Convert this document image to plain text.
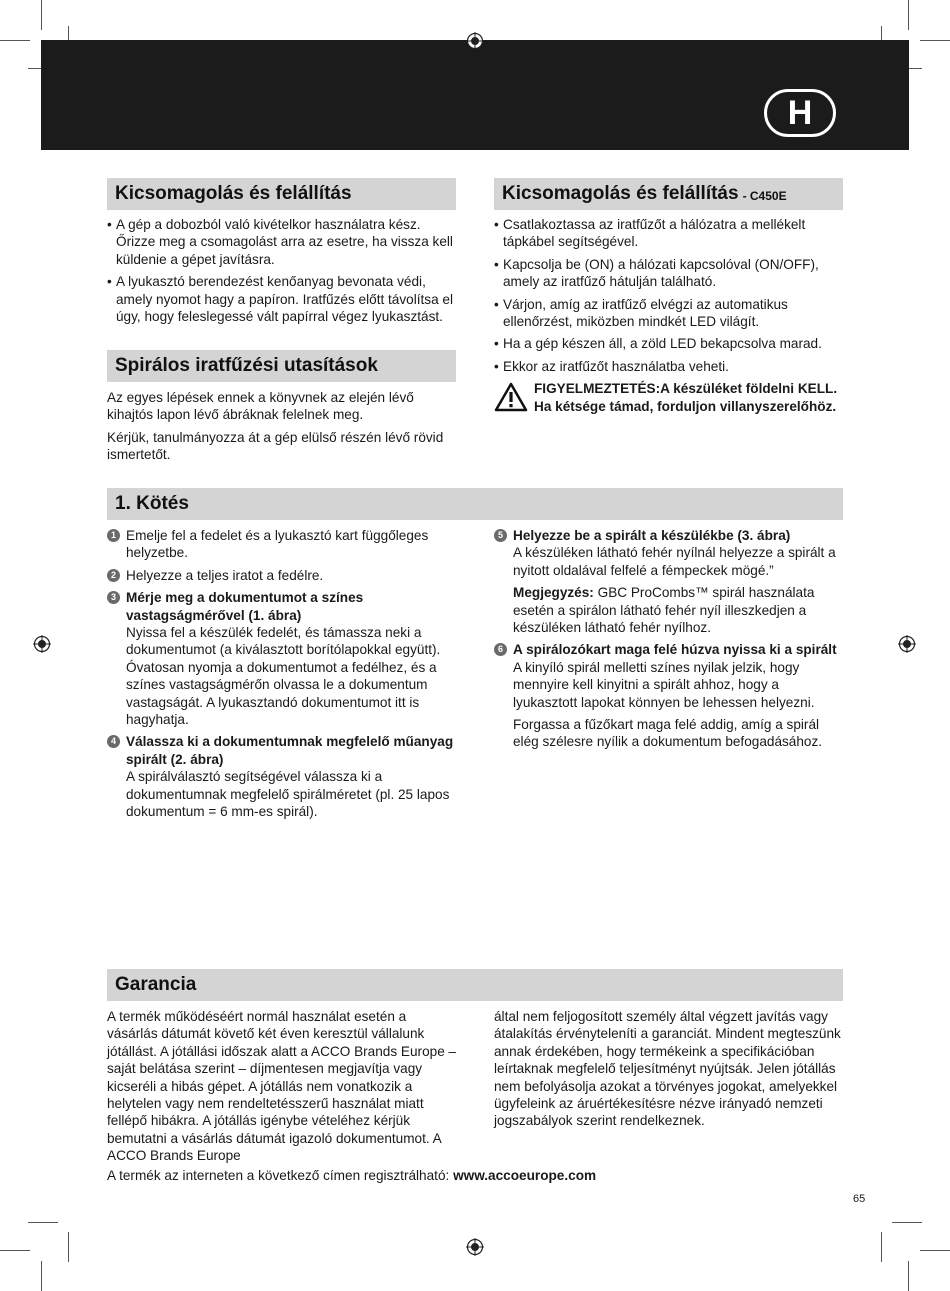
H
Kicsomagolás és felállítás

• A gép a dobozból való kivételkor használatra kész. Őrizze meg a csomagolást arra az esetre, ha vissza kell küldenie a gépet javításra.

• A lyukasztó berendezést kenőanyag bevonata védi, amely nyomot hagy a papíron. Iratfűzés előtt távolítsa el úgy, hogy feleslegessé vált papírral végez lyukasztást.

Spirálos iratfűzési utasítások

Az egyes lépések ennek a könyvnek az elején lévő kihajtós lapon lévő ábráknak felelnek meg.

Kérjük, tanulmányozza át a gép elülső részén lévő rövid ismertetőt.

Kicsomagolás és felállítás - C450E

• Csatlakoztassa az iratfűzőt a hálózatra a mellékelt tápkábel segítségével.

• Kapcsolja be (ON) a hálózati kapcsolóval (ON/OFF), amely az iratfűző hátulján található.

• Várjon, amíg az iratfűző elvégzi az automatikus ellenőrzést, miközben mindkét LED világít.

• Ha a gép készen áll, a zöld LED bekapcsolva marad.

• Ekkor az iratfűzőt használatba veheti.

FIGYELMEZTETÉS:A készüléket földelni KELL.
Ha kétsége támad, forduljon villanyszerelőhöz.
1. Kötés
1 Emelje fel a fedelet és a lyukasztó kart függőleges helyzetbe.
2 Helyezze a teljes iratot a fedélre.
3 Mérje meg a dokumentumot a színes vastagságmérővel (1. ábra)
Nyissa fel a készülék fedelét, és támassza neki a dokumentumot (a kiválasztott borítólapokkal együtt). Óvatosan nyomja a dokumentumot a fedélhez, és a színes vastagságmérőn olvassa le a dokumentum vastagságát. A lyukasztandó dokumentumot itt is hagyhatja.
4 Válassza ki a dokumentumnak megfelelő műanyag spirált (2. ábra)
A spirálválasztó segítségével válassza ki a dokumentumnak megfelelő spirálméretet (pl. 25 lapos dokumentum = 6 mm-es spirál).
5 Helyezze be a spirált a készülékbe (3. ábra)
A készüléken látható fehér nyílnál helyezze a spirált a nyitott oldalával felfelé a fémpeckek mögé.”
Megjegyzés: GBC ProCombs™ spirál használata esetén a spirálon látható fehér nyíl illeszkedjen a készüléken látható fehér nyílhoz.
6 A spirálozókart maga felé húzva nyissa ki a spirált
A kinyíló spirál melletti színes nyilak jelzik, hogy mennyire kell kinyitni a spirált ahhoz, hogy a lyukasztott lapokat könnyen be lehessen helyezni.
Forgassa a fűzőkart maga felé addig, amíg a spirál elég szélesre nyílik a dokumentum befogadásához.
Garancia
A termék működéséért normál használat esetén a vásárlás dátumát követő két éven keresztül vállalunk jótállást. A jótállási időszak alatt a ACCO Brands Europe – saját belátása szerint – díjmentesen megjavítja vagy kicseréli a hibás gépet. A jótállás nem vonatkozik a helytelen vagy nem rendeltetésszerű használat miatt fellépő hibákra. A jótállás igénybe vételéhez kérjük bemutatni a vásárlás dátumát igazoló dokumentumot. A ACCO Brands Europe
által nem feljogosított személy által végzett javítás vagy átalakítás érvényteleníti a garanciát. Mindent megteszünk annak érdekében, hogy termékeink a specifikációban leírtaknak megfelelő teljesítményt nyújtsák. Jelen jótállás nem befolyásolja azokat a törvényes jogokat, amelyekkel ügyfeleink az áruértékesítésre nézve irányadó nemzeti jogszabályok szerint rendelkeznek.
A termék az interneten a következő címen regisztrálható: www.accoeurope.com
65
